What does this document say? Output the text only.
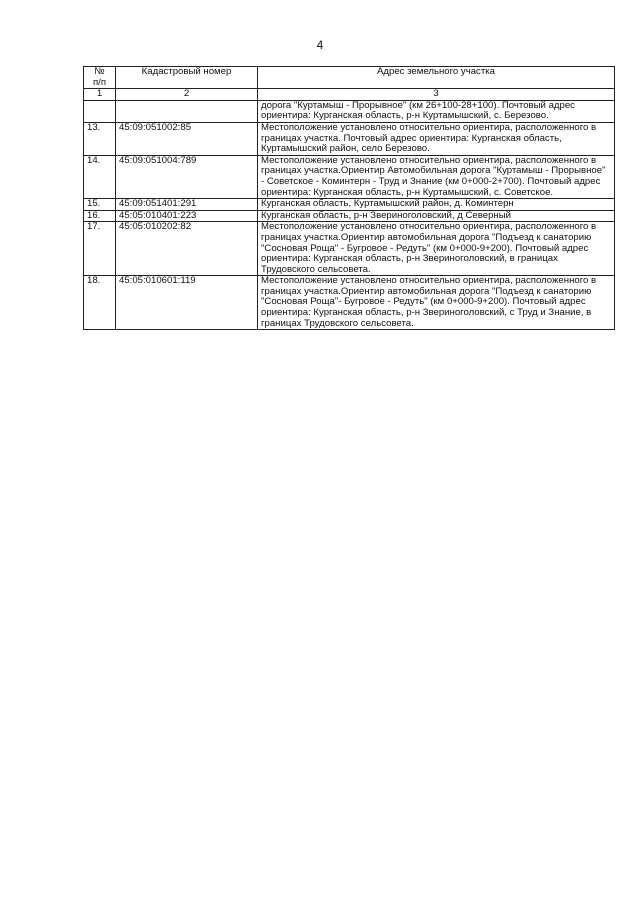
4
№
п/п	Кадастровый номер	Адрес земельного участка
1	2	3
		дорога "Куртамыш - Прорывное" (км 26+100-28+100). Почтовый адрес ориентира: Курганская область, р-н Куртамышский, с. Березово.
13.	45:09:051002:85	Местоположение установлено относительно ориентира, расположенного в границах участка. Почтовый адрес ориентира: Курганская область, Куртамышский район, село Березово.
14.	45:09:051004:789	Местоположение установлено относительно ориентира, расположенного в границах участка.Ориентир Автомобильная дорога "Куртамыш - Прорывное" - Советское - Коминтерн - Труд и Знание (км 0+000-2+700). Почтовый адрес ориентира: Курганская область, р-н Куртамышский, с. Советское.
15.	45:09:051401:291	Курганская область, Куртамышский район, д. Коминтерн
16.	45:05:010401:223	Курганская область, р-н Звериноголовский, д Северный
17.	45:05:010202:82	Местоположение установлено относительно ориентира, расположенного в границах участка.Ориентир автомобильная дорога "Подъезд к санаторию "Сосновая Роща" - Бугровое - Редуть" (км 0+000-9+200). Почтовый адрес ориентира: Курганская область, р-н Звериноголовский, в границах Трудовского сельсовета.
18.	45:05:010601:119	Местоположение установлено относительно ориентира, расположенного в границах участка.Ориентир автомобильная дорога "Подъезд к санаторию "Сосновая Роща"- Бугровое - Редуть" (км 0+000-9+200). Почтовый адрес ориентира: Курганская область, р-н Звериноголовский, с Труд и Знание, в границах Трудовского сельсовета.
